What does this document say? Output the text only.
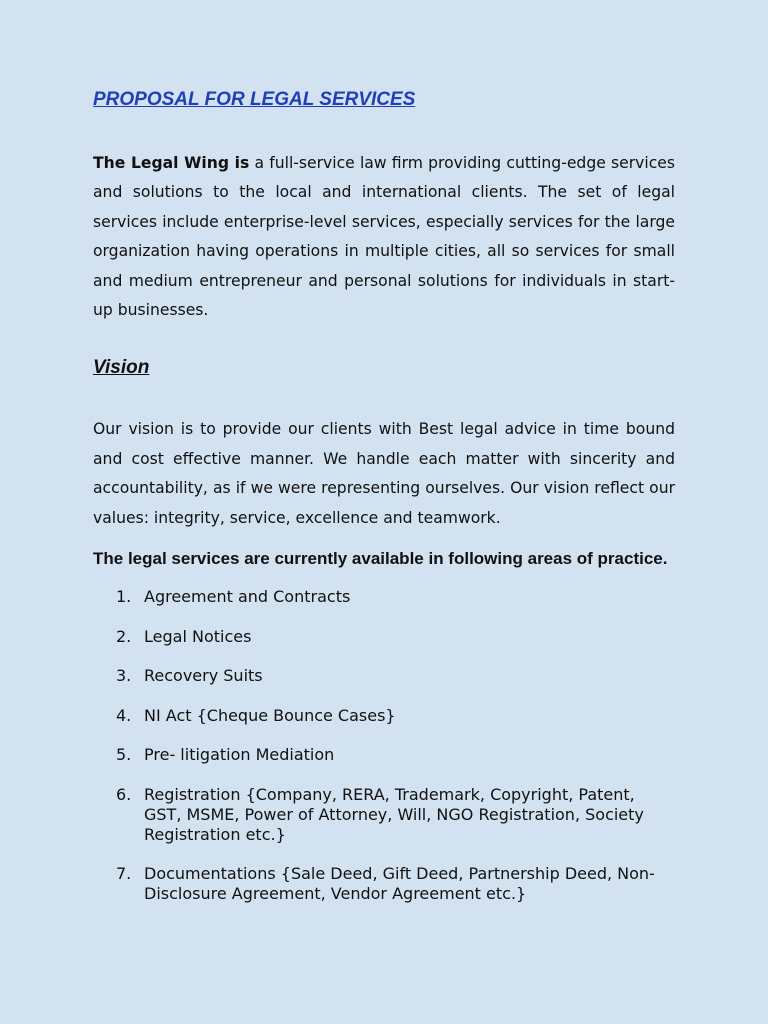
PROPOSAL FOR LEGAL SERVICES

The Legal Wing is a full-service law firm providing cutting-edge services and solutions to the local and international clients. The set of legal services include enterprise-level services, especially services for the large organization having operations in multiple cities, all so services for small and medium entrepreneur and personal solutions for individuals in start-up businesses.

Vision

Our vision is to provide our clients with Best legal advice in time bound and cost effective manner. We handle each matter with sincerity and accountability, as if we were representing ourselves. Our vision reflect our values: integrity, service, excellence and teamwork.

The legal services are currently available in following areas of practice.
1. Agreement and Contracts
2. Legal Notices
3. Recovery Suits
4. NI Act {Cheque Bounce Cases}
5. Pre- litigation Mediation
6. Registration {Company, RERA, Trademark, Copyright, Patent, GST, MSME, Power of Attorney, Will, NGO Registration, Society Registration etc.}
7. Documentations {Sale Deed, Gift Deed, Partnership Deed, Non-Disclosure Agreement, Vendor Agreement etc.}
